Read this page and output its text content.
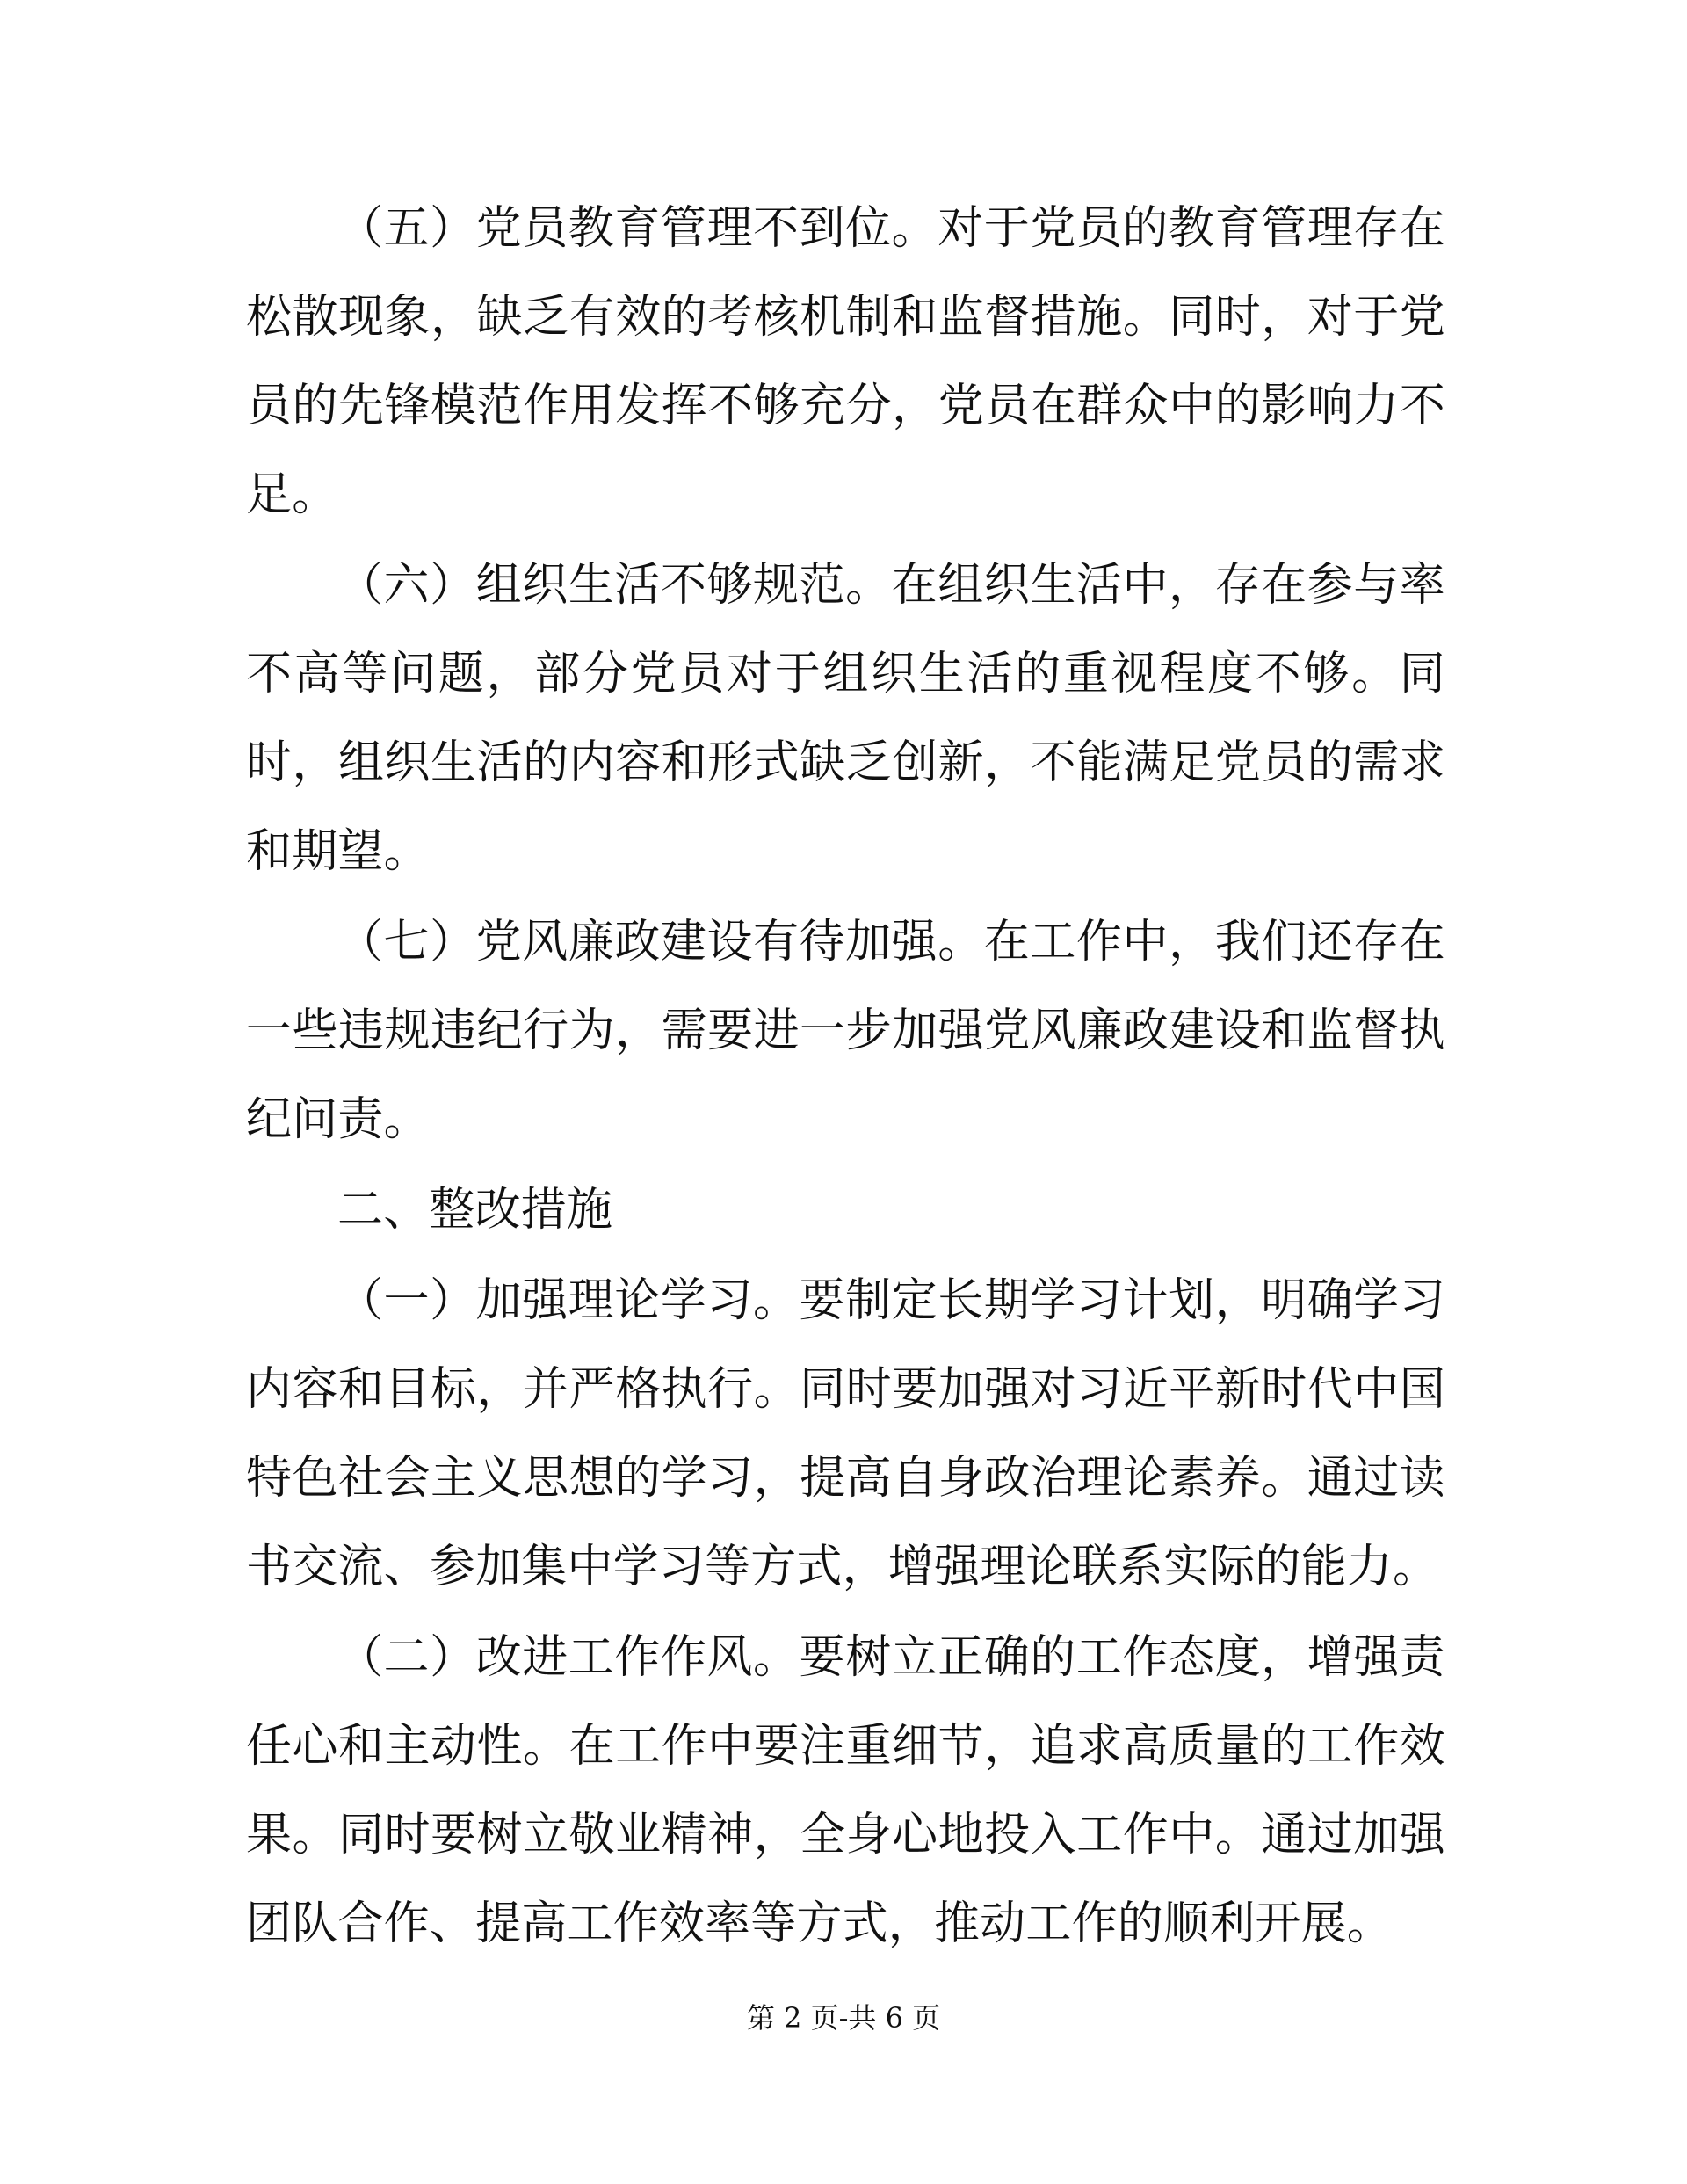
（五）党员教育管理不到位。对于党员的教育管理存在松散现象，缺乏有效的考核机制和监督措施。同时，对于党员的先锋模范作用发挥不够充分，党员在群众中的影响力不足。

（六）组织生活不够规范。在组织生活中，存在参与率不高等问题，部分党员对于组织生活的重视程度不够。同时，组织生活的内容和形式缺乏创新，不能满足党员的需求和期望。

（七）党风廉政建设有待加强。在工作中，我们还存在一些违规违纪行为，需要进一步加强党风廉政建设和监督执纪问责。

二、整改措施

（一）加强理论学习。要制定长期学习计划，明确学习内容和目标，并严格执行。同时要加强对习近平新时代中国特色社会主义思想的学习，提高自身政治理论素养。通过读书交流、参加集中学习等方式，增强理论联系实际的能力。

（二）改进工作作风。要树立正确的工作态度，增强责任心和主动性。在工作中要注重细节，追求高质量的工作效果。同时要树立敬业精神，全身心地投入工作中。通过加强团队合作、提高工作效率等方式，推动工作的顺利开展。

第 2 页-共 6 页
